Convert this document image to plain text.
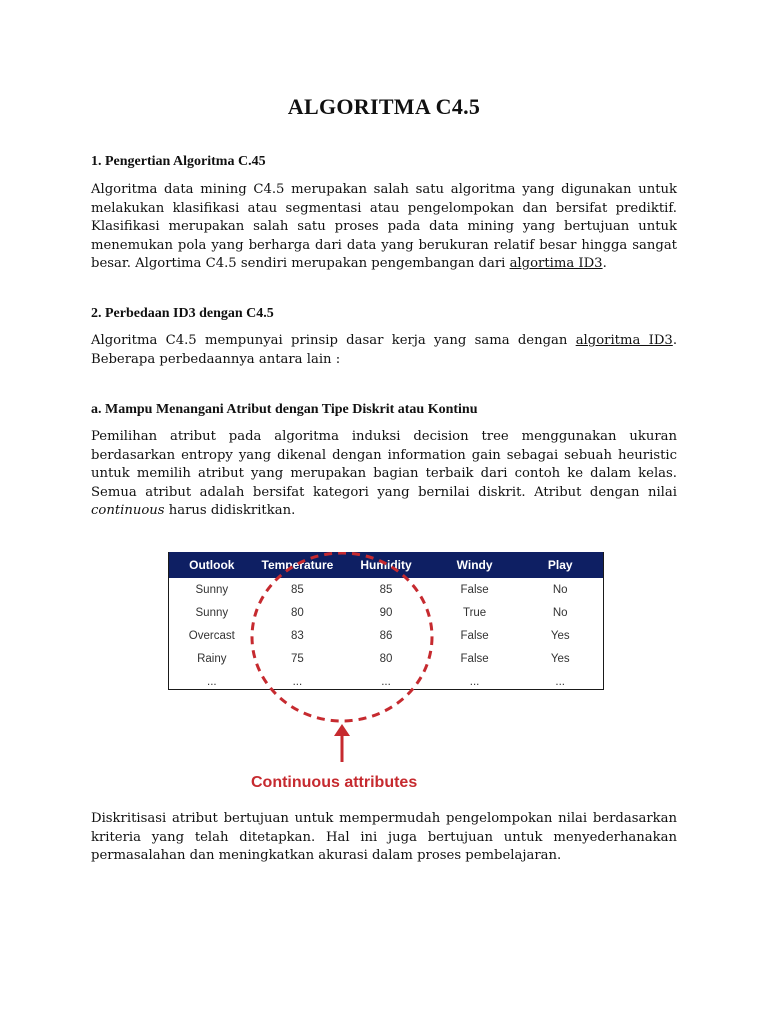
ALGORITMA C4.5
1. Pengertian Algoritma C.45
Algoritma data mining C4.5 merupakan salah satu algoritma yang digunakan untuk melakukan klasifikasi atau segmentasi atau pengelompokan dan bersifat prediktif. Klasifikasi merupakan salah satu proses pada data mining yang bertujuan untuk menemukan pola yang berharga dari data yang berukuran relatif besar hingga sangat besar. Algortima C4.5 sendiri merupakan pengembangan dari algortima ID3.
2. Perbedaan ID3 dengan C4.5
Algoritma C4.5 mempunyai prinsip dasar kerja yang sama dengan algoritma ID3. Beberapa perbedaannya antara lain :
a. Mampu Menangani Atribut dengan Tipe Diskrit atau Kontinu
Pemilihan atribut pada algoritma induksi decision tree menggunakan ukuran berdasarkan entropy yang dikenal dengan information gain sebagai sebuah heuristic untuk memilih atribut yang merupakan bagian terbaik dari contoh ke dalam kelas. Semua atribut adalah bersifat kategori yang bernilai diskrit. Atribut dengan nilai continuous harus didiskritkan.
Diskritisasi atribut bertujuan untuk mempermudah pengelompokan nilai berdasarkan kriteria yang telah ditetapkan. Hal ini juga bertujuan untuk menyederhanakan permasalahan dan meningkatkan akurasi dalam proses pembelajaran.
Outlook	Temperature	Humidity	Windy	Play
Sunny	85	85	False	No
Sunny	80	90	True	No
Overcast	83	86	False	Yes
Rainy	75	80	False	Yes
...	...	...	...	...
Continuous attributes
